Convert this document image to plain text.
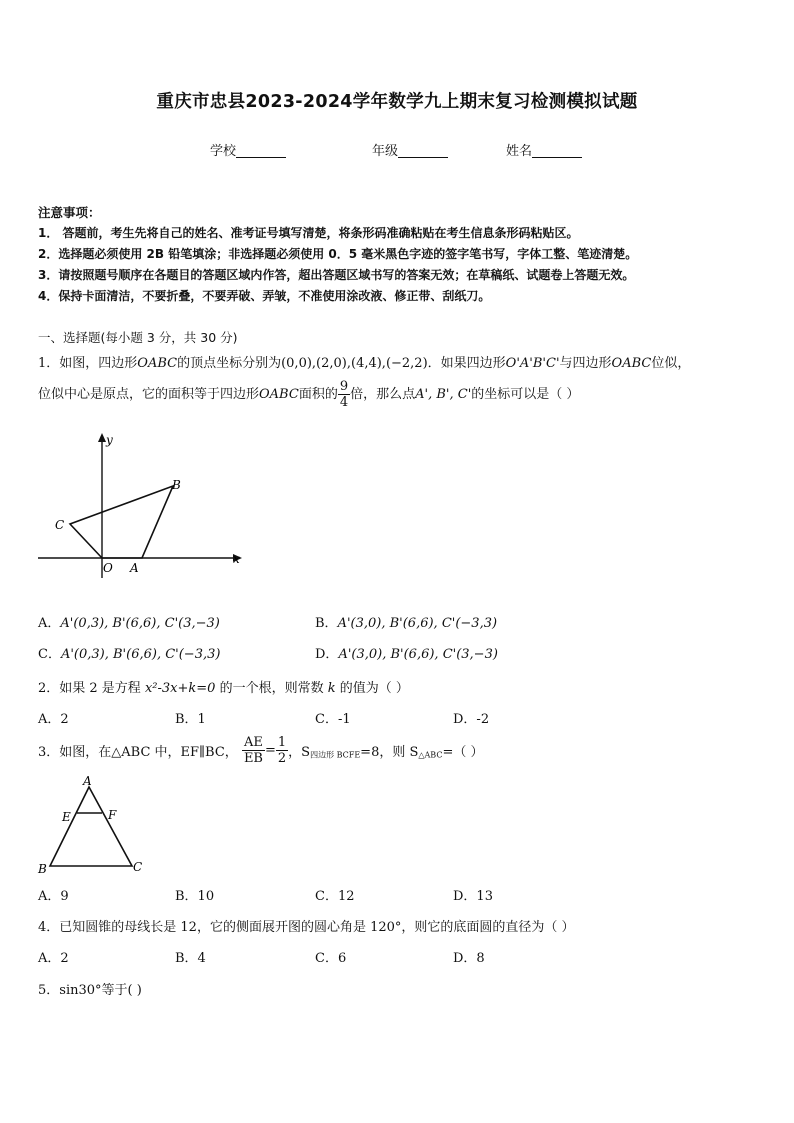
重庆市忠县2023-2024学年数学九上期末复习检测模拟试题
学校	年级	姓名
注意事项：
1． 答题前，考生先将自己的姓名、准考证号填写清楚，将条形码准确粘贴在考生信息条形码粘贴区。
2．选择题必须使用 2B 铅笔填涂；非选择题必须使用 0．5 毫米黑色字迹的签字笔书写，字体工整、笔迹清楚。
3．请按照题号顺序在各题目的答题区域内作答，超出答题区域书写的答案无效；在草稿纸、试题卷上答题无效。
4．保持卡面清洁，不要折叠，不要弄破、弄皱，不准使用涂改液、修正带、刮纸刀。
一、选择题(每小题 3 分，共 30 分)
1．如图，四边形OABC的顶点坐标分别为(0,0),(2,0),(4,4),(−2,2)．如果四边形O'A'B'C'与四边形OABC位似，
位似中心是原点，它的面积等于四边形OABC面积的 $\frac{9}{4}$ 倍，那么点A', B', C'的坐标可以是（ ）
y
B
C
x
O A
A．A'(0,3), B'(6,6), C'(3,−3)	B．A'(3,0), B'(6,6), C'(−3,3)
C．A'(0,3), B'(6,6), C'(−3,3)	D．A'(3,0), B'(6,6), C'(3,−3)
2．如果 2 是方程 x²-3x+k=0 的一个根，则常数 k 的值为（ ）
A．2	B．1	C．-1	D．-2
3．如图，在△ABC 中，EF∥BC， $\frac{AE}{EB} = \frac{1}{2}$ ，$S_{四边形 BCFE}=8$，则 $S_{\triangle ABC}=$（ ）
A
E	F
B	C
A．9	B．10	C．12	D．13
4．已知圆锥的母线长是 12，它的侧面展开图的圆心角是 120°，则它的底面圆的直径为（ ）
A．2	B．4	C．6	D．8
5．sin30°等于( )
